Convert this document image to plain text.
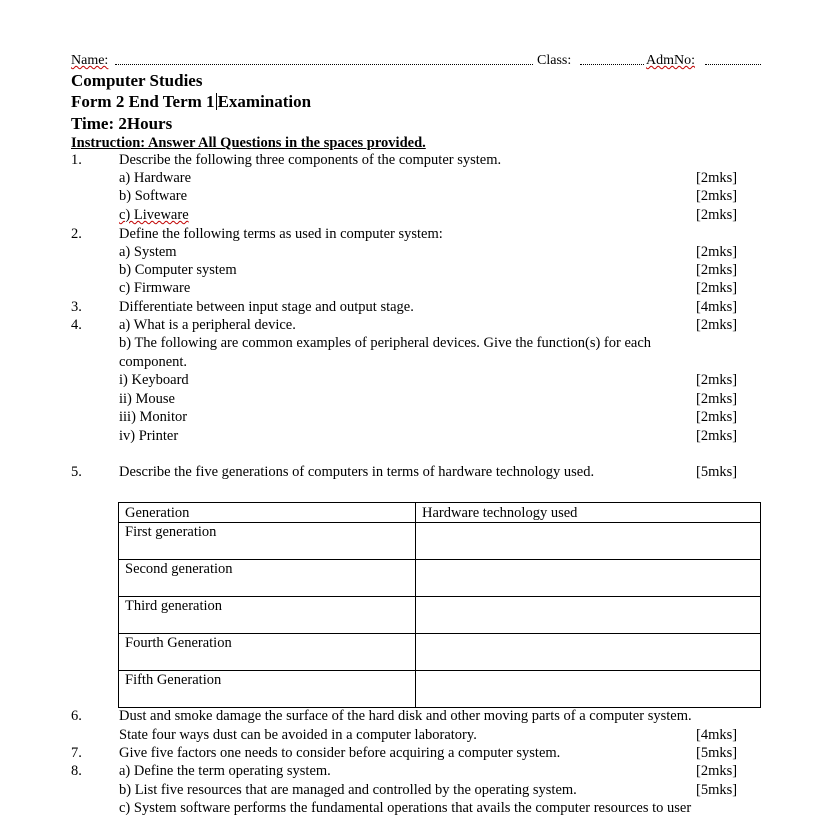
Name:	Class:	AdmNo:
Computer Studies
Form 2 End Term 1 Examination
Time: 2Hours
Instruction: Answer All Questions in the spaces provided.
1.	Describe the following three components of the computer system.
a) Hardware	[2mks]
b) Software	[2mks]
c) Liveware	[2mks]
2.	Define the following terms as used in computer system:
a) System	[2mks]
b) Computer system	[2mks]
c) Firmware	[2mks]
3.	Differentiate between input stage and output stage.	[4mks]
4.	a) What is a peripheral device.	[2mks]
b) The following are common examples of peripheral devices. Give the function(s) for each
component.
i) Keyboard	[2mks]
ii) Mouse	[2mks]
iii) Monitor	[2mks]
iv) Printer	[2mks]
5.	Describe the five generations of computers in terms of hardware technology used.	[5mks]
6.	Dust and smoke damage the surface of the hard disk and other moving parts of a computer system.
State four ways dust can be avoided in a computer laboratory.	[4mks]
7.	Give five factors one needs to consider before acquiring a computer system.	[5mks]
8.	a) Define the term operating system.	[2mks]
b) List five resources that are managed and controlled by the operating system.	[5mks]
c) System software performs the fundamental operations that avails the computer resources to user
Generation	Hardware technology used
First generation	
Second generation	
Third generation	
Fourth Generation	
Fifth Generation	
